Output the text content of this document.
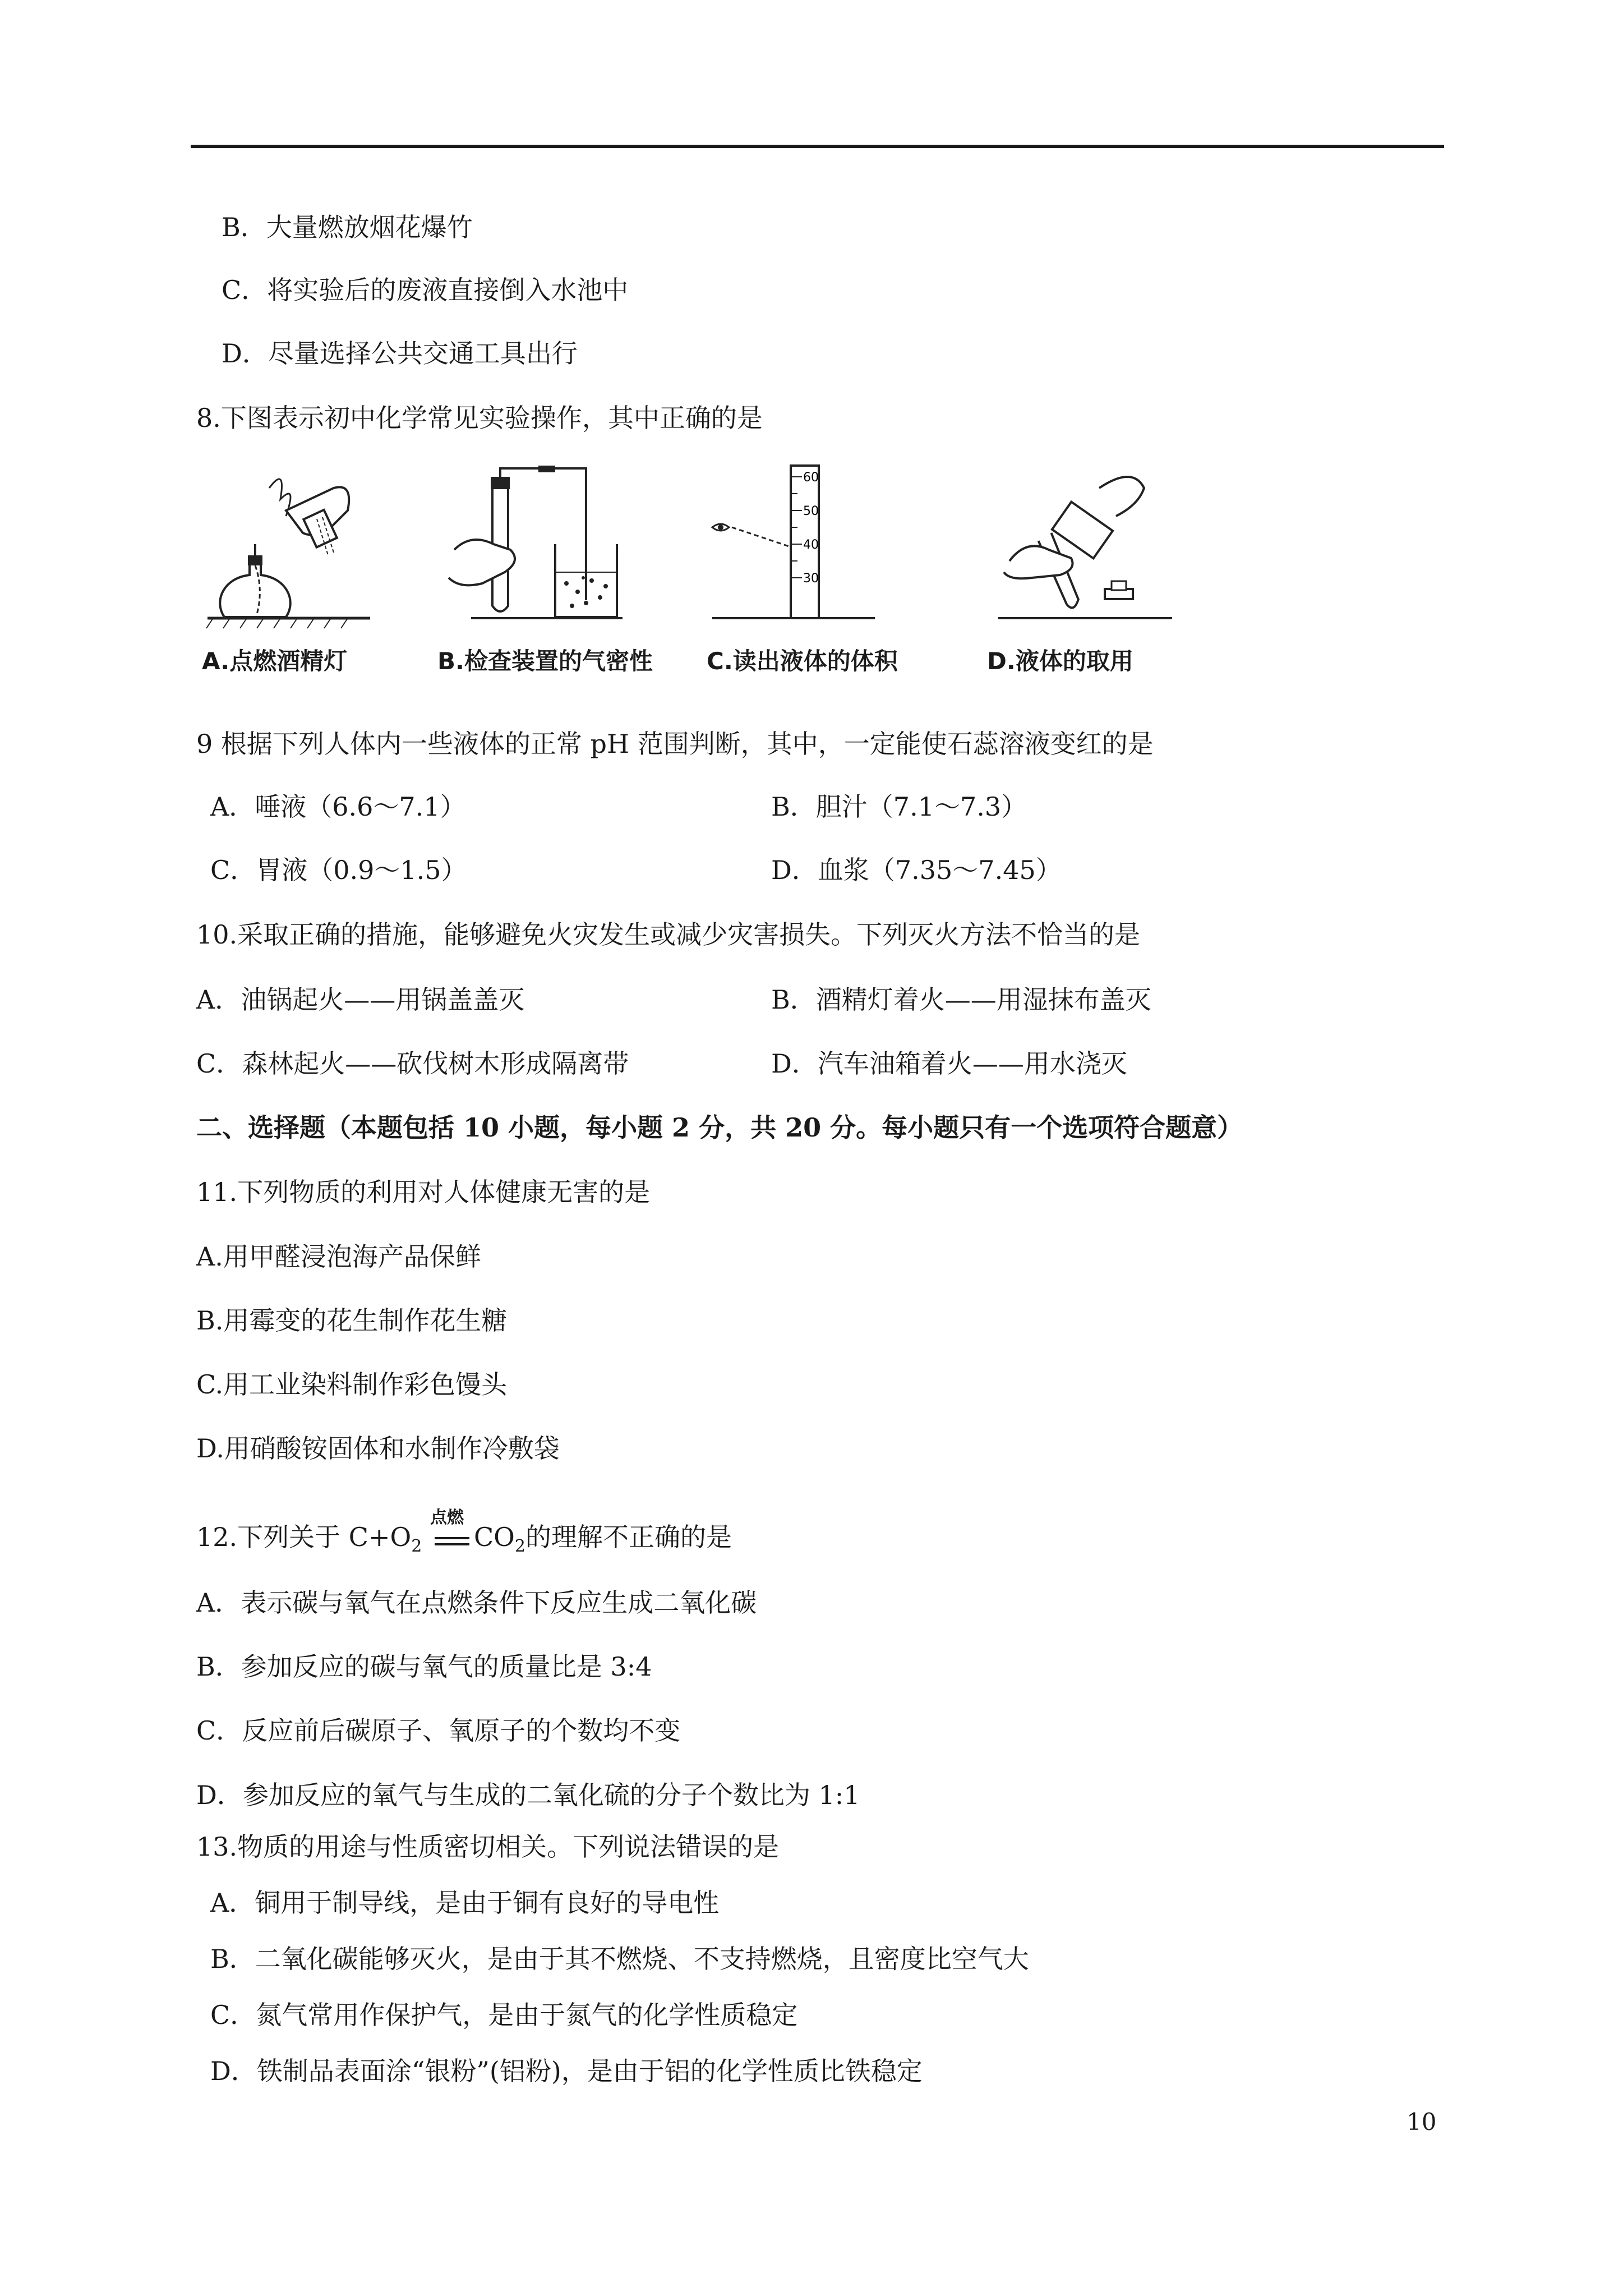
B．大量燃放烟花爆竹
C．将实验后的废液直接倒入水池中
D．尽量选择公共交通工具出行
8.下图表示初中化学常见实验操作，其中正确的是
A.点燃酒精灯	B.检查装置的气密性
60
50
40
30
C.读出液体的体积	D.液体的取用
9 根据下列人体内一些液体的正常 pH 范围判断，其中，一定能使石蕊溶液变红的是
A．唾液（6.6～7.1）	B．胆汁（7.1～7.3）
C．胃液（0.9～1.5）	D．血浆（7.35～7.45）
10.采取正确的措施，能够避免火灾发生或减少灾害损失。下列灭火方法不恰当的是
A．油锅起火——用锅盖盖灭	B．酒精灯着火——用湿抹布盖灭
C．森林起火——砍伐树木形成隔离带	D．汽车油箱着火——用水浇灭
二、选择题（本题包括 10 小题，每小题 2 分，共 20 分。每小题只有一个选项符合题意）
11.下列物质的利用对人体健康无害的是
A.用甲醛浸泡海产品保鲜
B.用霉变的花生制作花生糖
C.用工业染料制作彩色馒头
D.用硝酸铵固体和水制作冷敷袋
12.下列关于 $C+O_2$
点燃
$CO_2$的理解不正确的是
A．表示碳与氧气在点燃条件下反应生成二氧化碳
B．参加反应的碳与氧气的质量比是 3:4
C．反应前后碳原子、氧原子的个数均不变
D．参加反应的氧气与生成的二氧化硫的分子个数比为 1:1
13.物质的用途与性质密切相关。下列说法错误的是
A．铜用于制导线，是由于铜有良好的导电性
B．二氧化碳能够灭火，是由于其不燃烧、不支持燃烧，且密度比空气大
C．氮气常用作保护气，是由于氮气的化学性质稳定
D．铁制品表面涂“银粉”(铝粉)，是由于铝的化学性质比铁稳定
10
